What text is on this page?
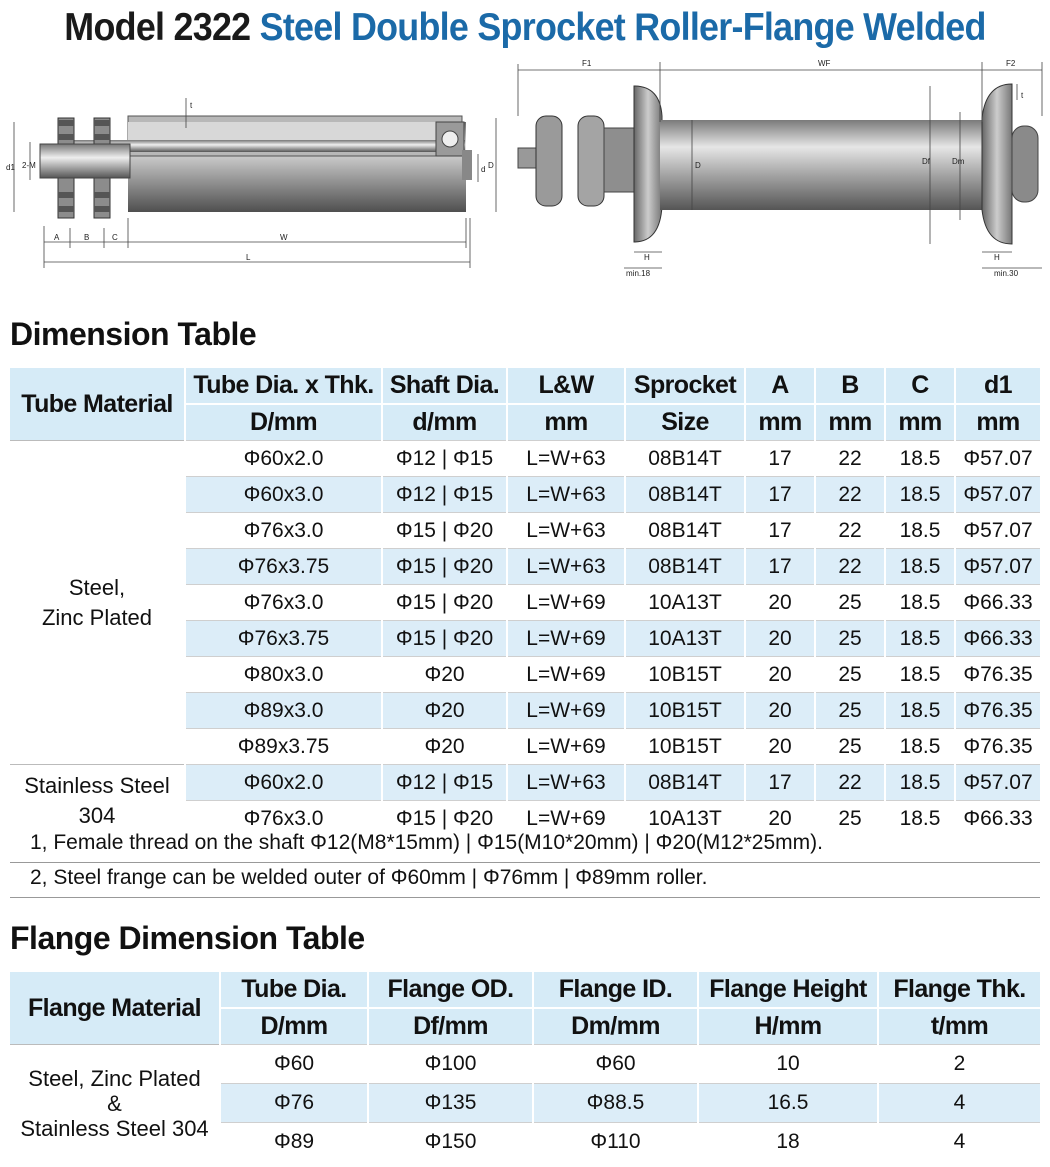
Model 2322 Steel Double Sprocket Roller-Flange Welded
d1 2-M	d D
t
A	B	C	W
L
F1	WF	F2
t
D	Df	Dm
H	H
min.18	min.30
Dimension Table
Tube Material	Tube Dia. x Thk.	Shaft Dia.	L&W	Sprocket	A	B	C	d1
	D/mm	d/mm	mm	Size	mm	mm	mm	mm

Steel,
Zinc Plated	Φ60x2.0	Φ12 | Φ15	L=W+63	08B14T	17	22	18.5	Φ57.07
	Φ60x3.0	Φ12 | Φ15	L=W+63	08B14T	17	22	18.5	Φ57.07
	Φ76x3.0	Φ15 | Φ20	L=W+63	08B14T	17	22	18.5	Φ57.07
	Φ76x3.75	Φ15 | Φ20	L=W+63	08B14T	17	22	18.5	Φ57.07
	Φ76x3.0	Φ15 | Φ20	L=W+69	10A13T	20	25	18.5	Φ66.33
	Φ76x3.75	Φ15 | Φ20	L=W+69	10A13T	20	25	18.5	Φ66.33
	Φ80x3.0	Φ20	L=W+69	10B15T	20	25	18.5	Φ76.35
	Φ89x3.0	Φ20	L=W+69	10B15T	20	25	18.5	Φ76.35
	Φ89x3.75	Φ20	L=W+69	10B15T	20	25	18.5	Φ76.35

Stainless Steel
304	Φ60x2.0	Φ12 | Φ15	L=W+63	08B14T	17	22	18.5	Φ57.07
	Φ76x3.0	Φ15 | Φ20	L=W+69	10A13T	20	25	18.5	Φ66.33
1, Female thread on the shaft Φ12(M8*15mm) | Φ15(M10*20mm) | Φ20(M12*25mm).
2, Steel frange can be welded outer of Φ60mm | Φ76mm | Φ89mm roller.
Flange Dimension Table
Flange Material	Tube Dia.	Flange OD.	Flange ID.	Flange Height	Flange Thk.
	D/mm	Df/mm	Dm/mm	H/mm	t/mm

Steel, Zinc Plated
&
Stainless Steel 304	Φ60	Φ100	Φ60	10	2
	Φ76	Φ135	Φ88.5	16.5	4
	Φ89	Φ150	Φ110	18	4
